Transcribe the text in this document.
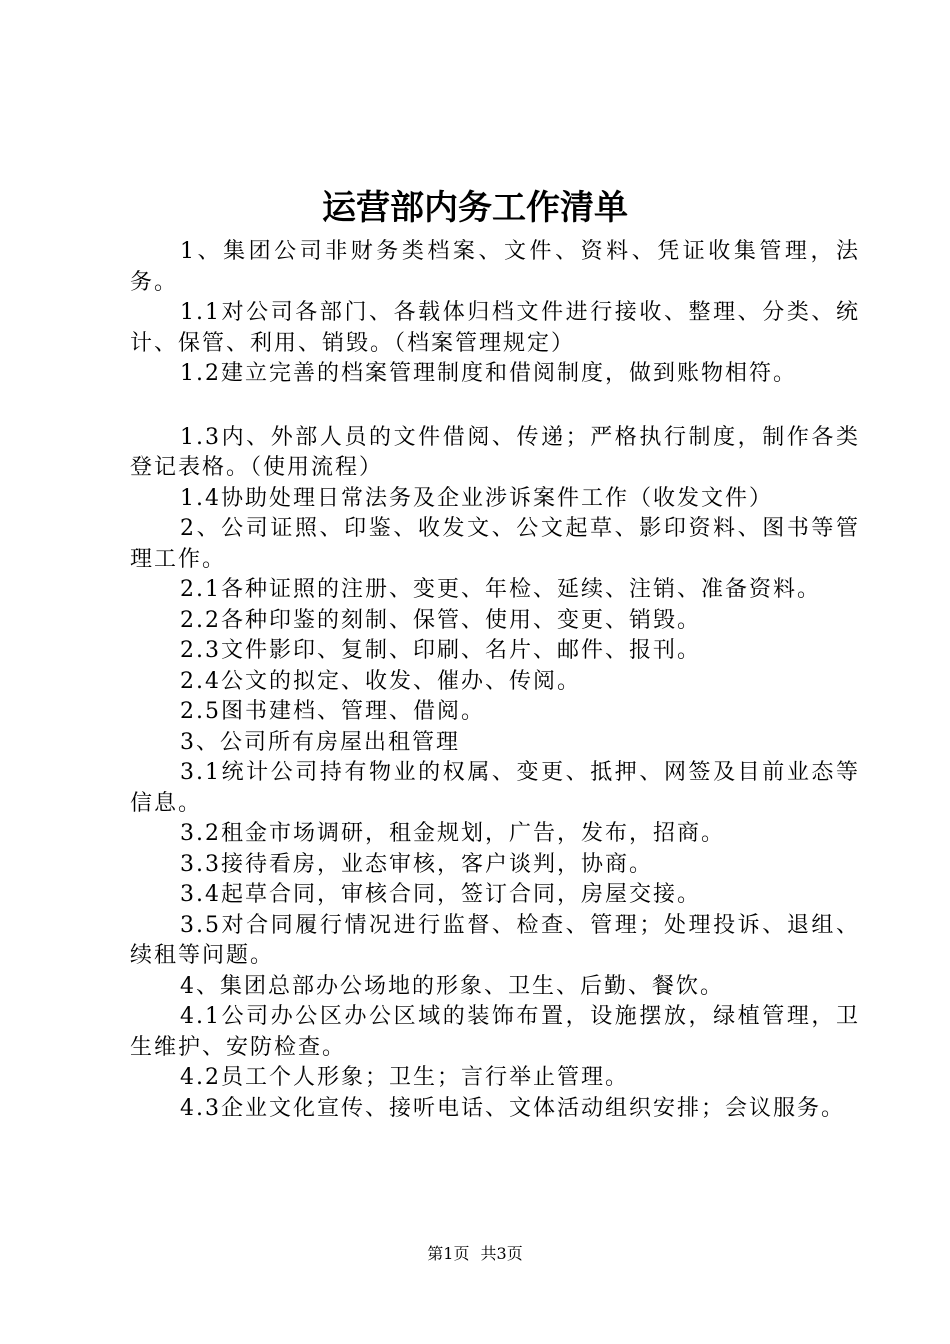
运营部内务工作清单

1、集团公司非财务类档案、文件、资料、凭证收集管理，法务。

1.1对公司各部门、各载体归档文件进行接收、整理、分类、统计、保管、利用、销毁。（档案管理规定）

1.2建立完善的档案管理制度和借阅制度，做到账物相符。

1.3内、外部人员的文件借阅、传递；严格执行制度，制作各类登记表格。（使用流程）

1.4协助处理日常法务及企业涉诉案件工作（收发文件）

2、公司证照、印鉴、收发文、公文起草、影印资料、图书等管理工作。

2.1各种证照的注册、变更、年检、延续、注销、准备资料。

2.2各种印鉴的刻制、保管、使用、变更、销毁。

2.3文件影印、复制、印刷、名片、邮件、报刊。

2.4公文的拟定、收发、催办、传阅。

2.5图书建档、管理、借阅。

3、公司所有房屋出租管理

3.1统计公司持有物业的权属、变更、抵押、网签及目前业态等信息。

3.2租金市场调研，租金规划，广告，发布，招商。

3.3接待看房，业态审核，客户谈判，协商。

3.4起草合同，审核合同，签订合同，房屋交接。

3.5对合同履行情况进行监督、检查、管理；处理投诉、退组、续租等问题。

4、集团总部办公场地的形象、卫生、后勤、餐饮。

4.1公司办公区办公区域的装饰布置，设施摆放，绿植管理，卫生维护、安防检查。

4.2员工个人形象；卫生；言行举止管理。

4.3企业文化宣传、接听电话、文体活动组织安排；会议服务。

第1页 共3页
